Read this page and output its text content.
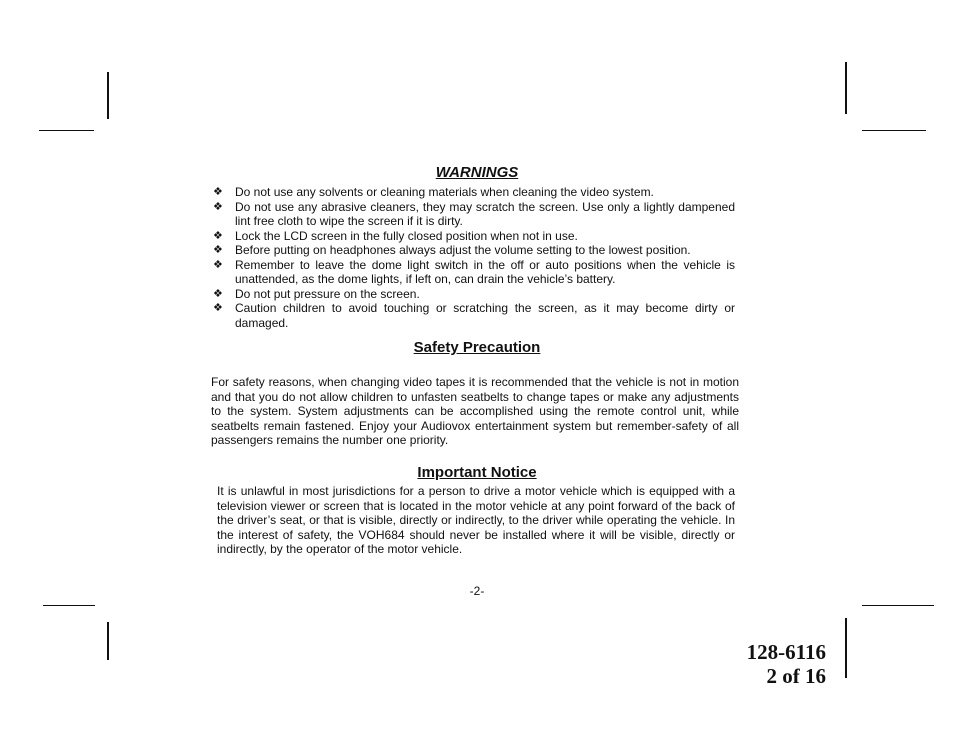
WARNINGS
❖ Do not use any solvents or cleaning materials when cleaning the video system.
❖ Do not use any abrasive cleaners, they may scratch the screen. Use only a lightly dampened lint free cloth to wipe the screen if it is dirty.
❖ Lock the LCD screen in the fully closed position when not in use.
❖ Before putting on headphones always adjust the volume setting to the lowest position.
❖ Remember to leave the dome light switch in the off or auto positions when the vehicle is unattended, as the dome lights, if left on, can drain the vehicle’s battery.
❖ Do not put pressure on the screen.
❖ Caution children to avoid touching or scratching the screen, as it may become dirty or damaged.
Safety Precaution

For safety reasons, when changing video tapes it is recommended that the vehicle is not in motion and that you do not allow children to unfasten seatbelts to change tapes or make any adjustments to the system. System adjustments can be accomplished using the remote control unit, while seatbelts remain fastened. Enjoy your Audiovox entertainment system but remember-safety of all passengers remains the number one priority.

Important Notice

It is unlawful in most jurisdictions for a person to drive a motor vehicle which is equipped with a television viewer or screen that is located in the motor vehicle at any point forward of the back of the driver’s seat, or that is visible, directly or indirectly, to the driver while operating the vehicle. In the interest of safety, the VOH684 should never be installed where it will be visible, directly or indirectly, by the operator of the motor vehicle.

-2-
128-6116
2 of 16
